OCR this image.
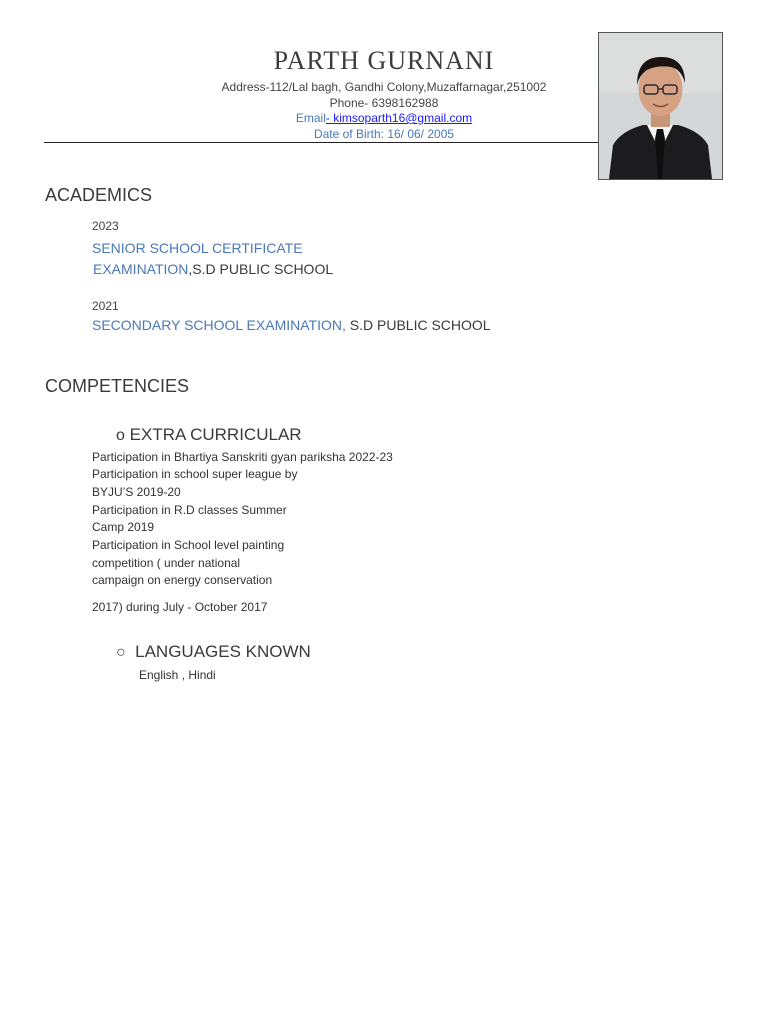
PARTH GURNANI
Address-112/Lal bagh, Gandhi Colony,Muzaffarnagar,251002
Phone- 6398162988
Email- kimsoparth16@gmail.com
Date of Birth: 16/ 06/ 2005
ACADEMICS
2023
SENIOR SCHOOL CERTIFICATE
EXAMINATION,S.D PUBLIC SCHOOL
2021
SECONDARY SCHOOL EXAMINATION, S.D PUBLIC SCHOOL
COMPETENCIES
o EXTRA CURRICULAR
Participation in Bhartiya Sanskriti gyan pariksha 2022-23
Participation in school super league by
BYJU’S 2019-20
Participation in R.D classes Summer
Camp 2019
Participation in School level painting
competition ( under national
campaign on energy conservation
2017) during July - October 2017
○ LANGUAGES KNOWN
English , Hindi
